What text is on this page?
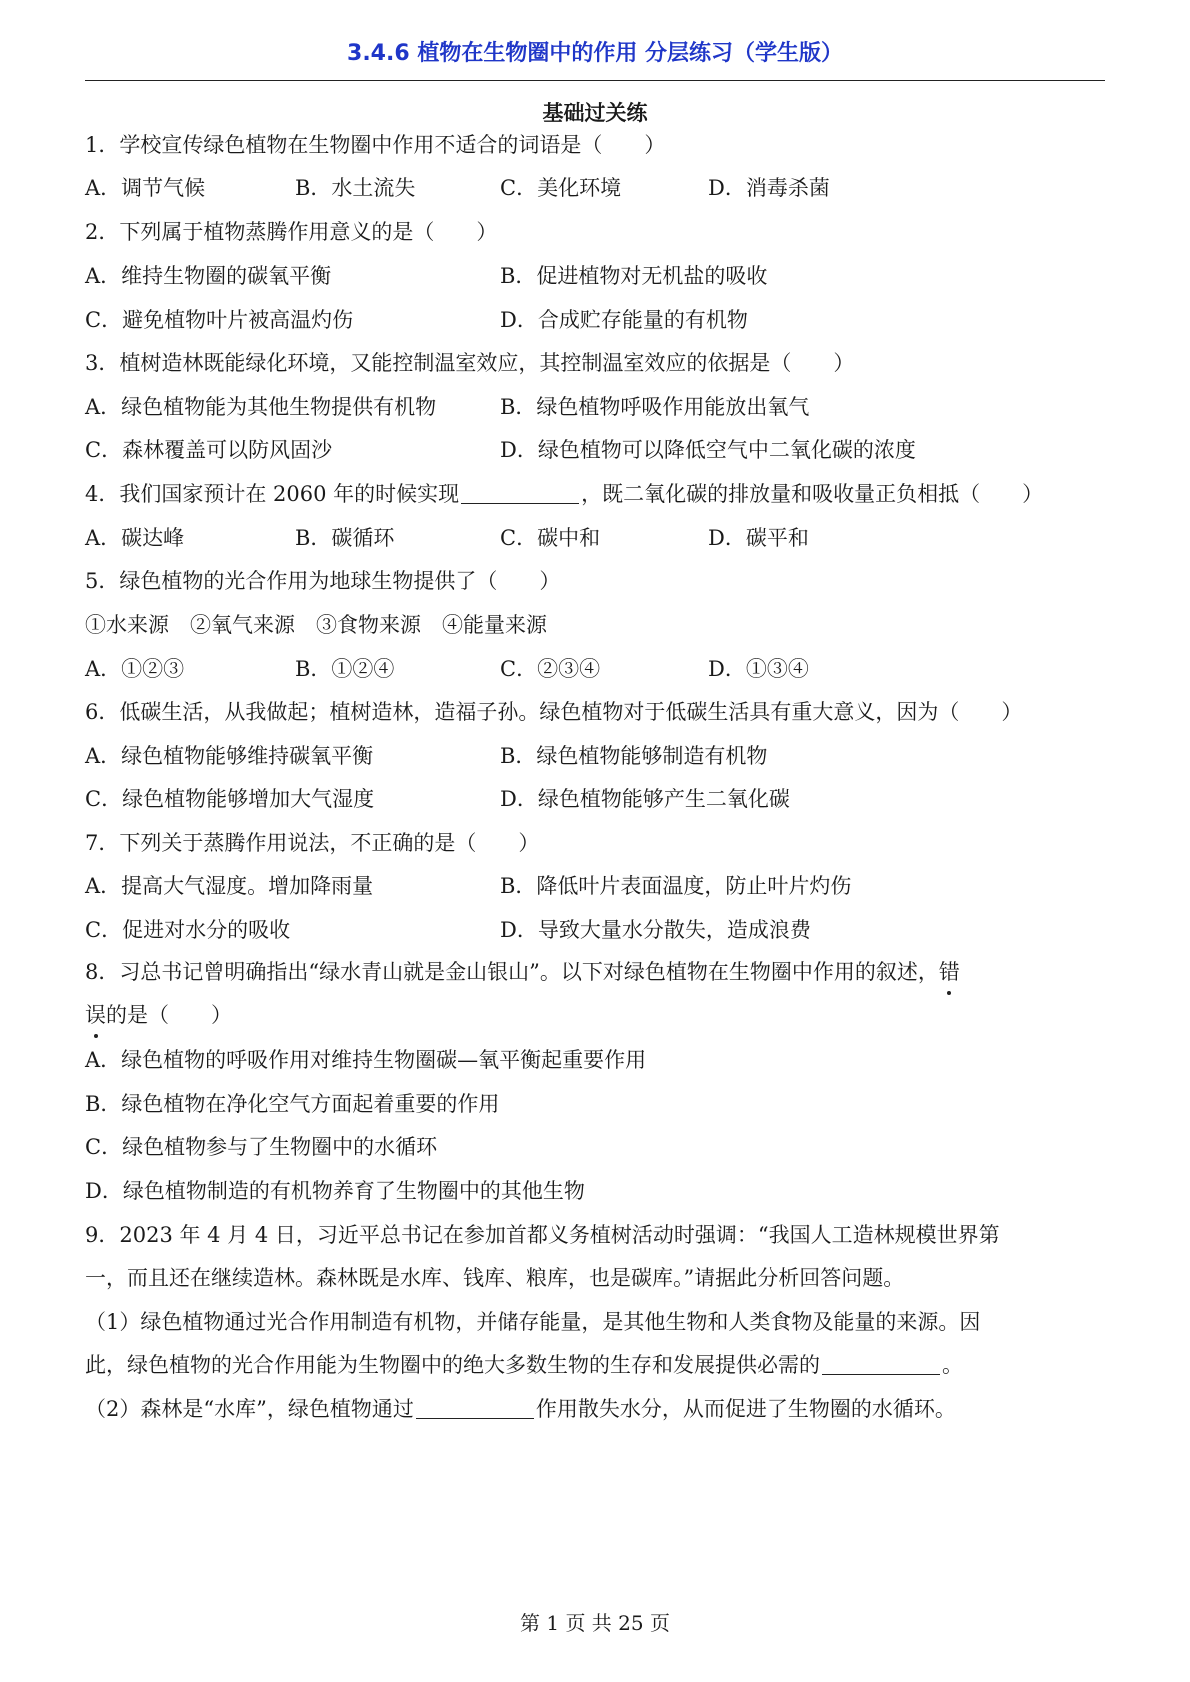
3.4.6 植物在生物圈中的作用 分层练习（学生版）
基础过关练
1．学校宣传绿色植物在生物圈中作用不适合的词语是（　　）
A．调节气候	B．水土流失	C．美化环境	D．消毒杀菌
2．下列属于植物蒸腾作用意义的是（　　）
A．维持生物圈的碳氧平衡	B．促进植物对无机盐的吸收
C．避免植物叶片被高温灼伤	D．合成贮存能量的有机物
3．植树造林既能绿化环境，又能控制温室效应，其控制温室效应的依据是（　　）
A．绿色植物能为其他生物提供有机物	B．绿色植物呼吸作用能放出氧气
C．森林覆盖可以防风固沙	D．绿色植物可以降低空气中二氧化碳的浓度
4．我们国家预计在 2060 年的时候实现	，既二氧化碳的排放量和吸收量正负相抵（　　）
A．碳达峰	B．碳循环	C．碳中和	D．碳平和
5．绿色植物的光合作用为地球生物提供了（　　）
①水来源　②氧气来源　③食物来源　④能量来源
A．①②③	B．①②④	C．②③④	D．①③④
6．低碳生活，从我做起；植树造林，造福子孙。绿色植物对于低碳生活具有重大意义，因为（　　）
A．绿色植物能够维持碳氧平衡	B．绿色植物能够制造有机物
C．绿色植物能够增加大气湿度	D．绿色植物能够产生二氧化碳
7．下列关于蒸腾作用说法，不正确的是（　　）
A．提高大气湿度。增加降雨量	B．降低叶片表面温度，防止叶片灼伤
C．促进对水分的吸收	D．导致大量水分散失，造成浪费
8．习总书记曾明确指出“绿水青山就是金山银山”。以下对绿色植物在生物圈中作用的叙述，错
误的是（　　）
A．绿色植物的呼吸作用对维持生物圈碳—氧平衡起重要作用
B．绿色植物在净化空气方面起着重要的作用
C．绿色植物参与了生物圈中的水循环
D．绿色植物制造的有机物养育了生物圈中的其他生物
9．2023 年 4 月 4 日，习近平总书记在参加首都义务植树活动时强调：“我国人工造林规模世界第
一，而且还在继续造林。森林既是水库、钱库、粮库，也是碳库。”请据此分析回答问题。
（1）绿色植物通过光合作用制造有机物，并储存能量，是其他生物和人类食物及能量的来源。因
此，绿色植物的光合作用能为生物圈中的绝大多数生物的生存和发展提供必需的	。
（2）森林是“水库”，绿色植物通过	作用散失水分，从而促进了生物圈的水循环。
第 1 页 共 25 页
